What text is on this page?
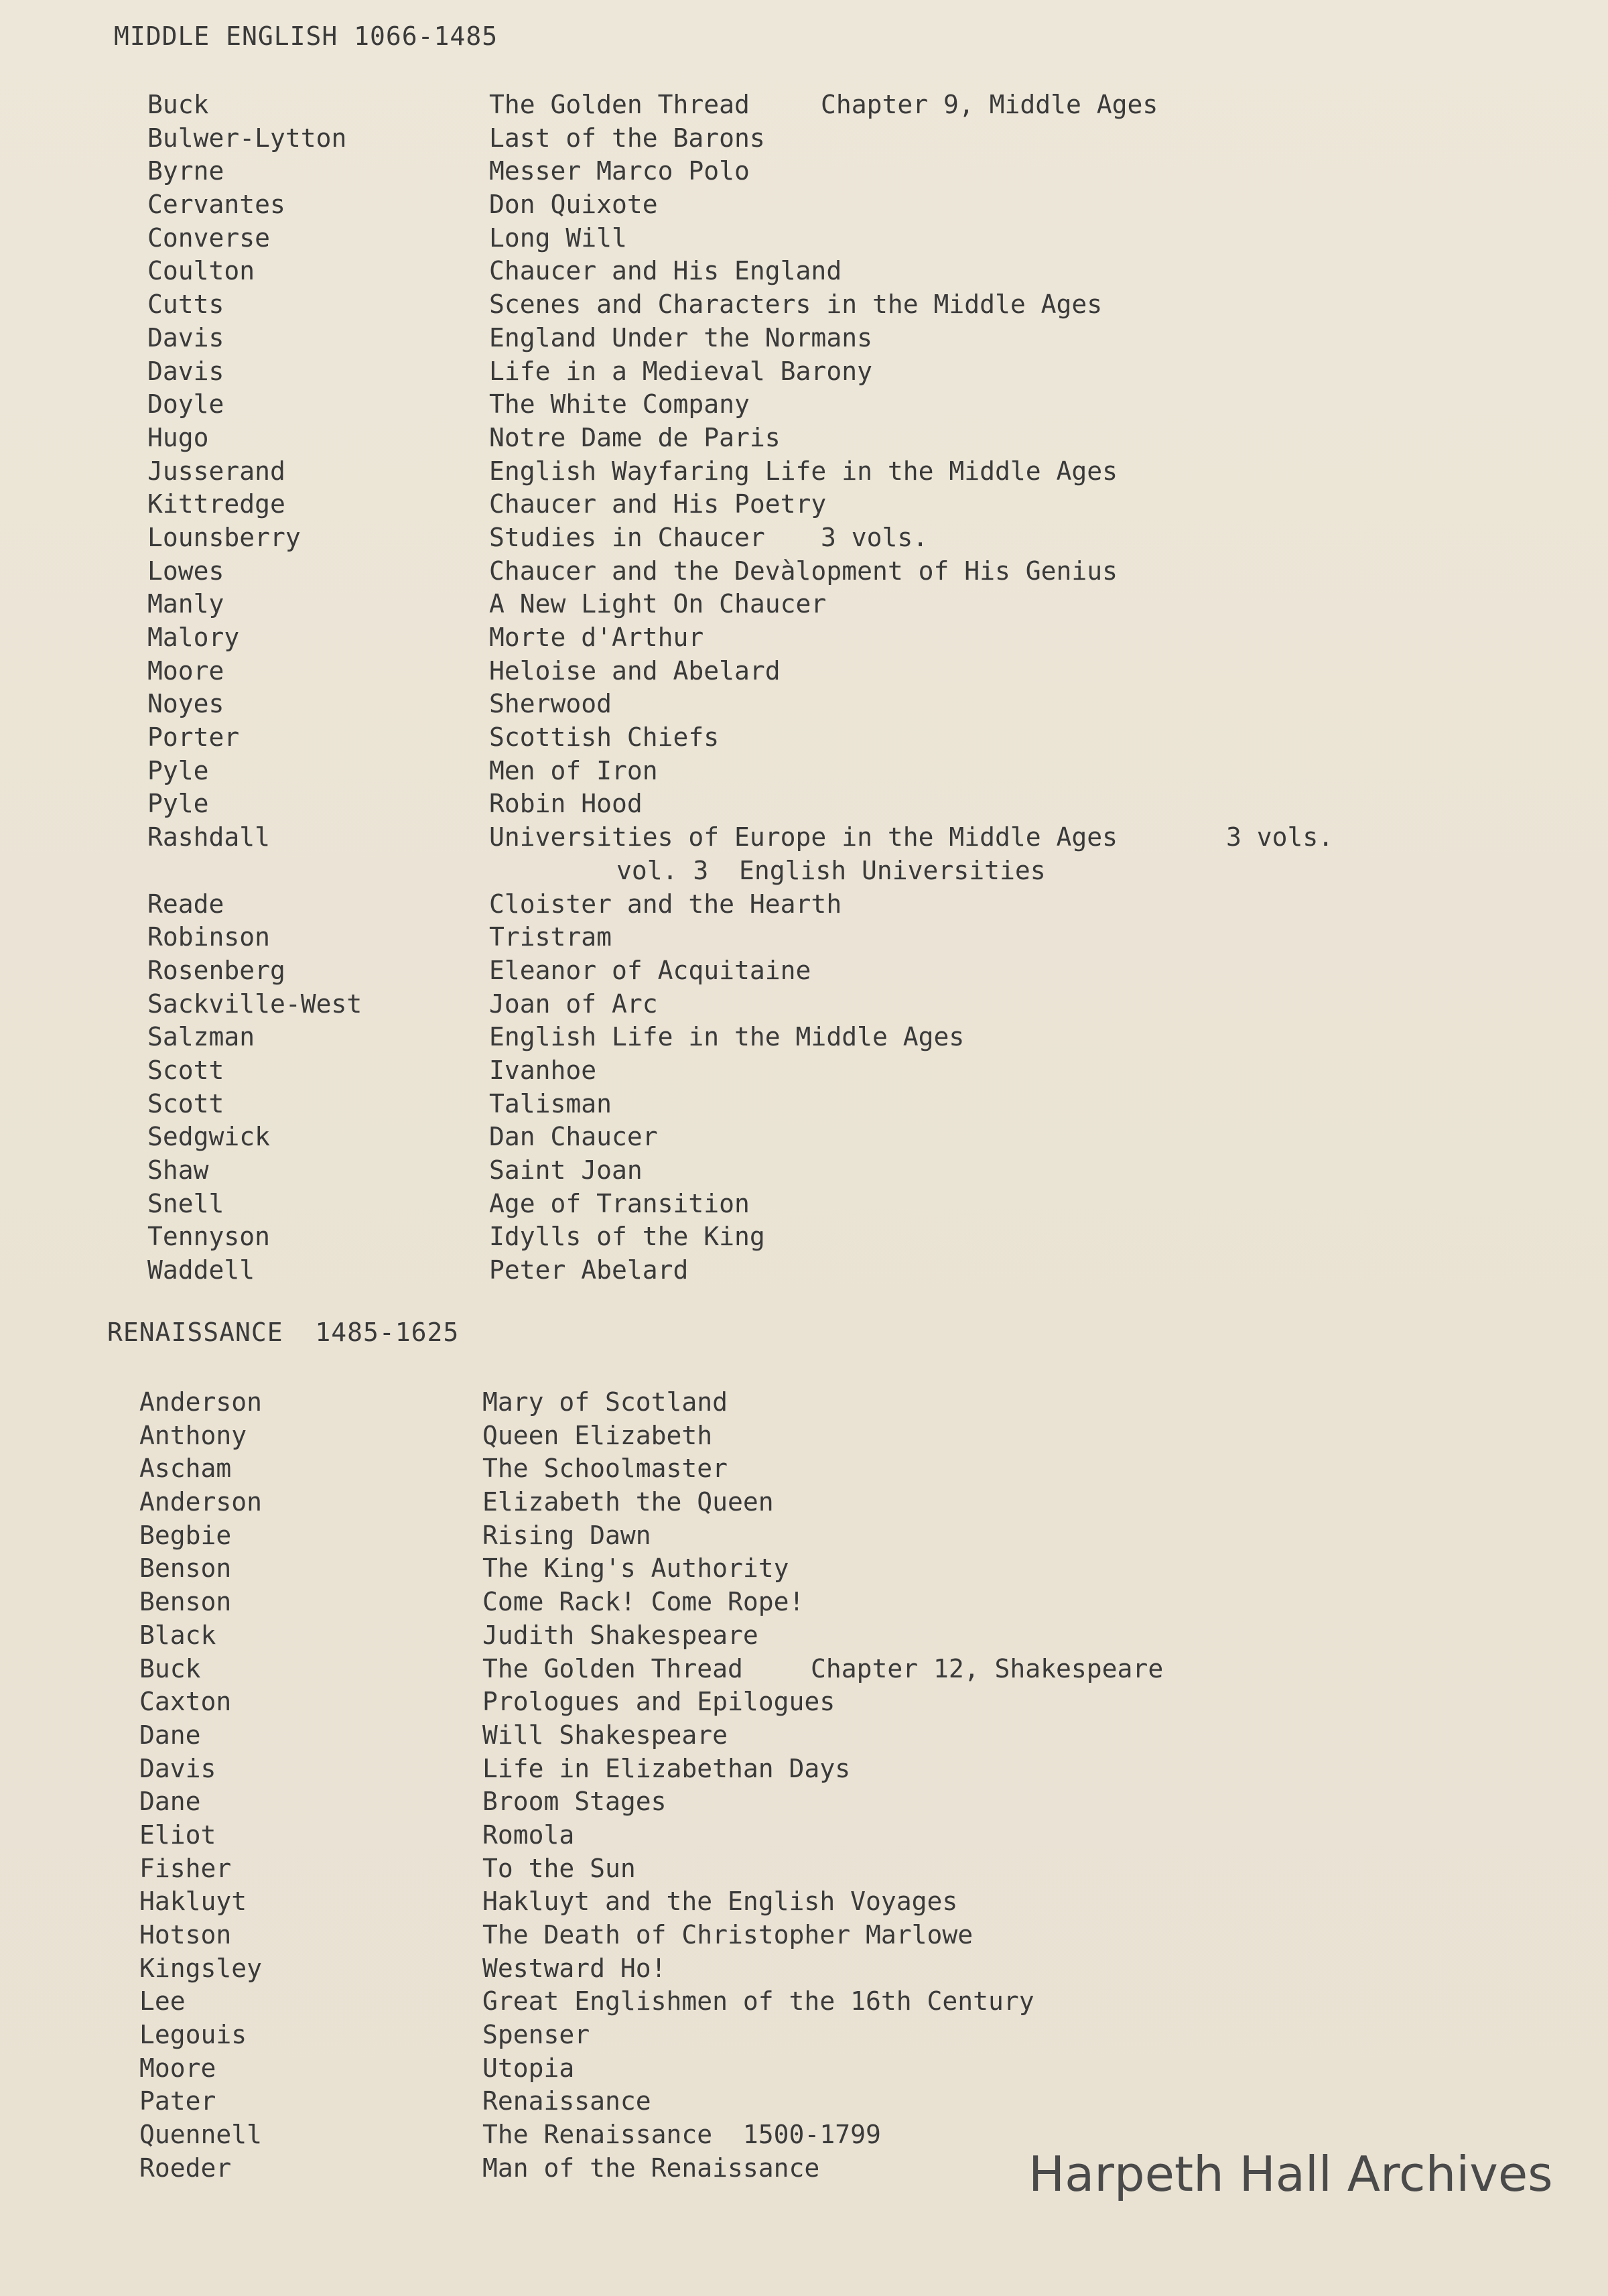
MIDDLE ENGLISH 1066-1485
Buck	The Golden Thread	Chapter 9, Middle Ages
Bulwer-Lytton	Last of the Barons
Byrne	Messer Marco Polo
Cervantes	Don Quixote
Converse	Long Will
Coulton	Chaucer and His England
Cutts	Scenes and Characters in the Middle Ages
Davis	England Under the Normans
Davis	Life in a Medieval Barony
Doyle	The White Company
Hugo	Notre Dame de Paris
Jusserand	English Wayfaring Life in the Middle Ages
Kittredge	Chaucer and His Poetry
Lounsberry	Studies in Chaucer 3 vols.
Lowes	Chaucer and the Devàlopment of His Genius
Manly	A New Light On Chaucer
Malory	Morte d'Arthur
Moore	Heloise and Abelard
Noyes	Sherwood
Porter	Scottish Chiefs
Pyle	Men of Iron
Pyle	Robin Hood
Rashdall	Universities of Europe in the Middle Ages	3 vols.
vol. 3  English Universities
Reade	Cloister and the Hearth
Robinson	Tristram
Rosenberg	Eleanor of Acquitaine
Sackville-West	Joan of Arc
Salzman	English Life in the Middle Ages
Scott	Ivanhoe
Scott	Talisman
Sedgwick	Dan Chaucer
Shaw	Saint Joan
Snell	Age of Transition
Tennyson	Idylls of the King
Waddell	Peter Abelard
RENAISSANCE  1485-1625
Anderson	Mary of Scotland
Anthony	Queen Elizabeth
Ascham	The Schoolmaster
Anderson	Elizabeth the Queen
Begbie	Rising Dawn
Benson	The King's Authority
Benson	Come Rack! Come Rope!
Black	Judith Shakespeare
Buck	The Golden Thread	Chapter 12, Shakespeare
Caxton	Prologues and Epilogues
Dane	Will Shakespeare
Davis	Life in Elizabethan Days
Dane	Broom Stages
Eliot	Romola
Fisher	To the Sun
Hakluyt	Hakluyt and the English Voyages
Hotson	The Death of Christopher Marlowe
Kingsley	Westward Ho!
Lee	Great Englishmen of the 16th Century
Legouis	Spenser
Moore	Utopia
Pater	Renaissance
Quennell	The Renaissance  1500-1799
Roeder	Man of the Renaissance	Harpeth Hall Archives
